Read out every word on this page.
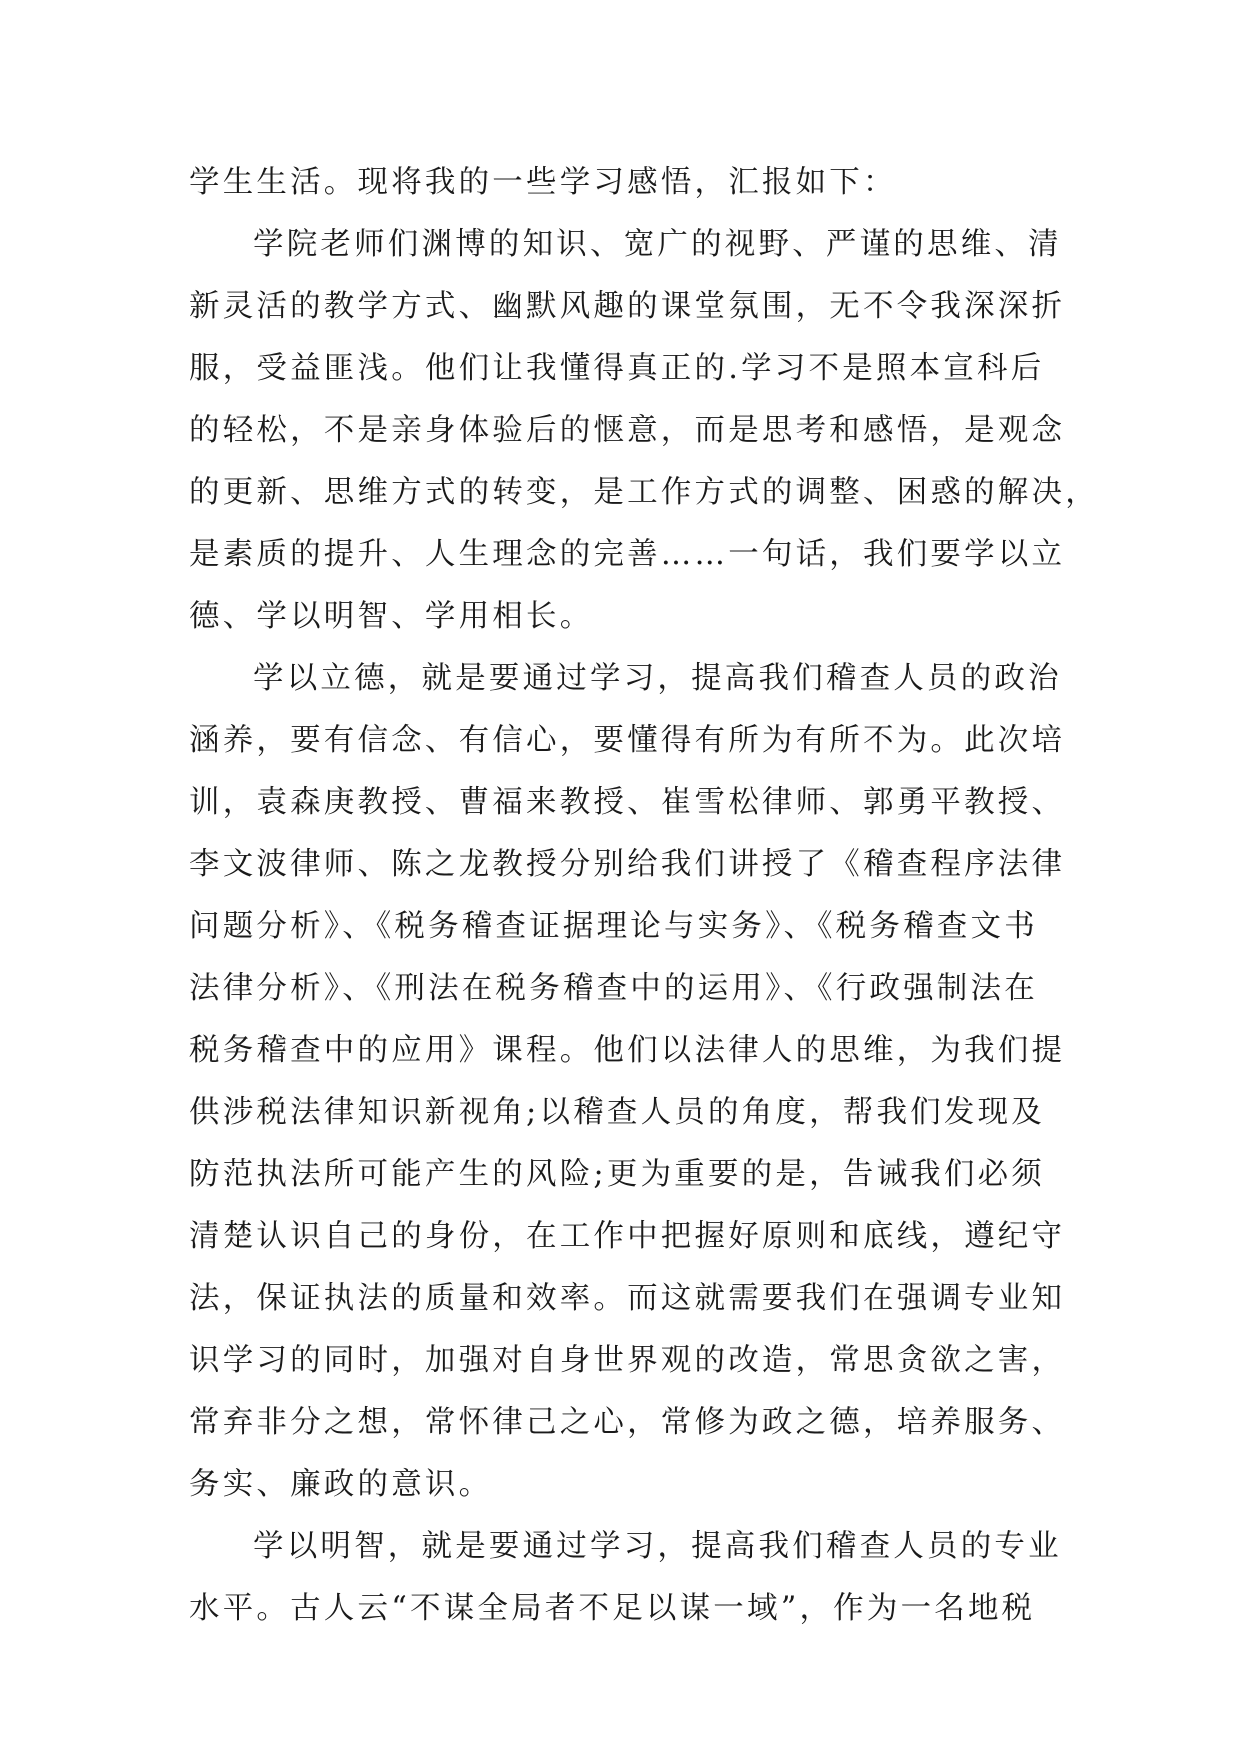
学生生活。现将我的一些学习感悟，汇报如下：
学院老师们渊博的知识、宽广的视野、严谨的思维、清
新灵活的教学方式、幽默风趣的课堂氛围，无不令我深深折
服，受益匪浅。他们让我懂得真正的.学习不是照本宣科后
的轻松，不是亲身体验后的惬意，而是思考和感悟，是观念
的更新、思维方式的转变，是工作方式的调整、困惑的解决，
是素质的提升、人生理念的完善……一句话，我们要学以立
德、学以明智、学用相长。
学以立德，就是要通过学习，提高我们稽查人员的政治
涵养，要有信念、有信心，要懂得有所为有所不为。此次培
训，袁森庚教授、曹福来教授、崔雪松律师、郭勇平教授、
李文波律师、陈之龙教授分别给我们讲授了《稽查程序法律
问题分析》、《税务稽查证据理论与实务》、《税务稽查文书
法律分析》、《刑法在税务稽查中的运用》、《行政强制法在
税务稽查中的应用》课程。他们以法律人的思维，为我们提
供涉税法律知识新视角;以稽查人员的角度，帮我们发现及
防范执法所可能产生的风险;更为重要的是，告诫我们必须
清楚认识自己的身份，在工作中把握好原则和底线，遵纪守
法，保证执法的质量和效率。而这就需要我们在强调专业知
识学习的同时，加强对自身世界观的改造，常思贪欲之害，
常弃非分之想，常怀律己之心，常修为政之德，培养服务、
务实、廉政的意识。
学以明智，就是要通过学习，提高我们稽查人员的专业
水平。古人云“不谋全局者不足以谋一域”，作为一名地税
